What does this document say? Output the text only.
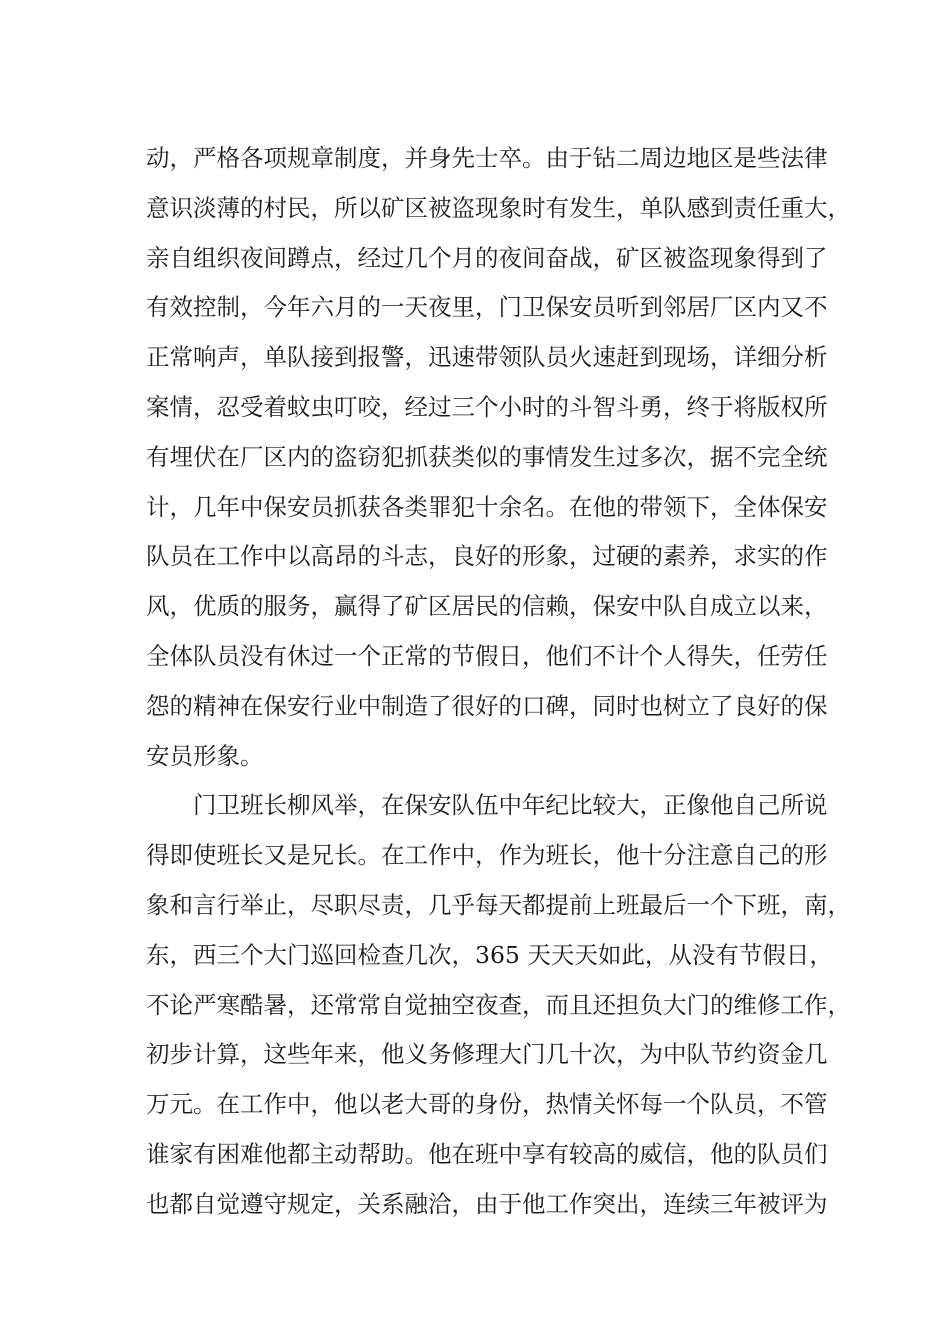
动，严格各项规章制度，并身先士卒。由于钻二周边地区是些法律
意识淡薄的村民，所以矿区被盗现象时有发生，单队感到责任重大，
亲自组织夜间蹲点，经过几个月的夜间奋战，矿区被盗现象得到了
有效控制，今年六月的一天夜里，门卫保安员听到邻居厂区内又不
正常响声，单队接到报警，迅速带领队员火速赶到现场，详细分析
案情，忍受着蚊虫叮咬，经过三个小时的斗智斗勇，终于将版权所
有埋伏在厂区内的盗窃犯抓获类似的事情发生过多次，据不完全统
计，几年中保安员抓获各类罪犯十余名。在他的带领下，全体保安
队员在工作中以高昂的斗志，良好的形象，过硬的素养，求实的作
风，优质的服务，赢得了矿区居民的信赖，保安中队自成立以来，
全体队员没有休过一个正常的节假日，他们不计个人得失，任劳任
怨的精神在保安行业中制造了很好的口碑，同时也树立了良好的保
安员形象。
门卫班长柳风举，在保安队伍中年纪比较大，正像他自己所说
得即使班长又是兄长。在工作中，作为班长，他十分注意自己的形
象和言行举止，尽职尽责，几乎每天都提前上班最后一个下班，南，
东，西三个大门巡回检查几次，365 天天天如此，从没有节假日，
不论严寒酷暑，还常常自觉抽空夜查，而且还担负大门的维修工作，
初步计算，这些年来，他义务修理大门几十次，为中队节约资金几
万元。在工作中，他以老大哥的身份，热情关怀每一个队员，不管
谁家有困难他都主动帮助。他在班中享有较高的威信，他的队员们
也都自觉遵守规定，关系融洽，由于他工作突出，连续三年被评为
